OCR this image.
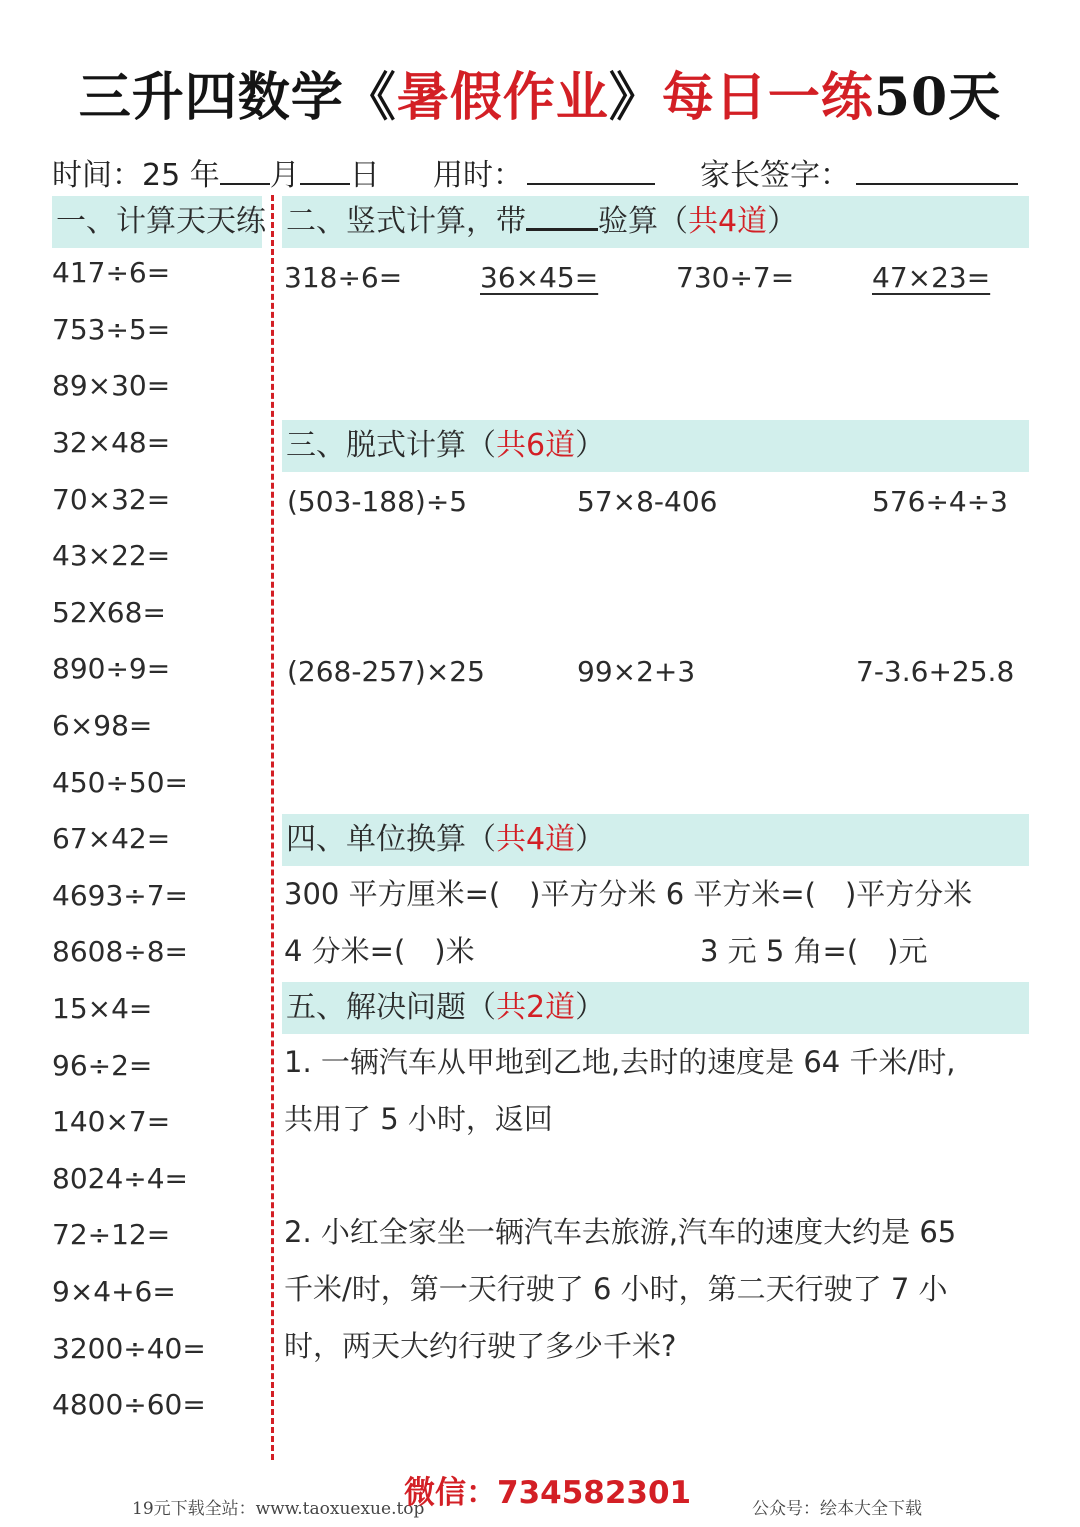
三升四数学《暑假作业》每日一练50天
时间：25 年 月 日 用时：	家长签字：
一、计算天天练
417÷6=
753÷5=
89×30=
32×48=
70×32=
43×22=
52X68=
890÷9=
6×98=
450÷50=
67×42=
4693÷7=
8608÷8=
15×4=
96÷2=
140×7=
8024÷4=
72÷12=
9×4+6=
3200÷40=
4800÷60=
二、竖式计算，带 验算（共4道）
318÷6=	36×45=	730÷7=	47×23=
三、脱式计算（共6道）
(503-188)÷5	57×8-406	576÷4÷3
(268-257)×25	99×2+3	7-3.6+25.8
四、单位换算（共4道）
300 平方厘米=(　)平方分米 6 平方米=(　)平方分米
4 分米=(　)米	3 元 5 角=(　)元
五、解决问题（共2道）
1. 一辆汽车从甲地到乙地,去时的速度是 64 千米/时,
共用了 5 小时，返回
2. 小红全家坐一辆汽车去旅游,汽车的速度大约是 65
千米/时，第一天行驶了 6 小时，第二天行驶了 7 小
时，两天大约行驶了多少千米?
19元下载全站：www.taoxuexue.top
微信：734582301	公众号：绘本大全下载
